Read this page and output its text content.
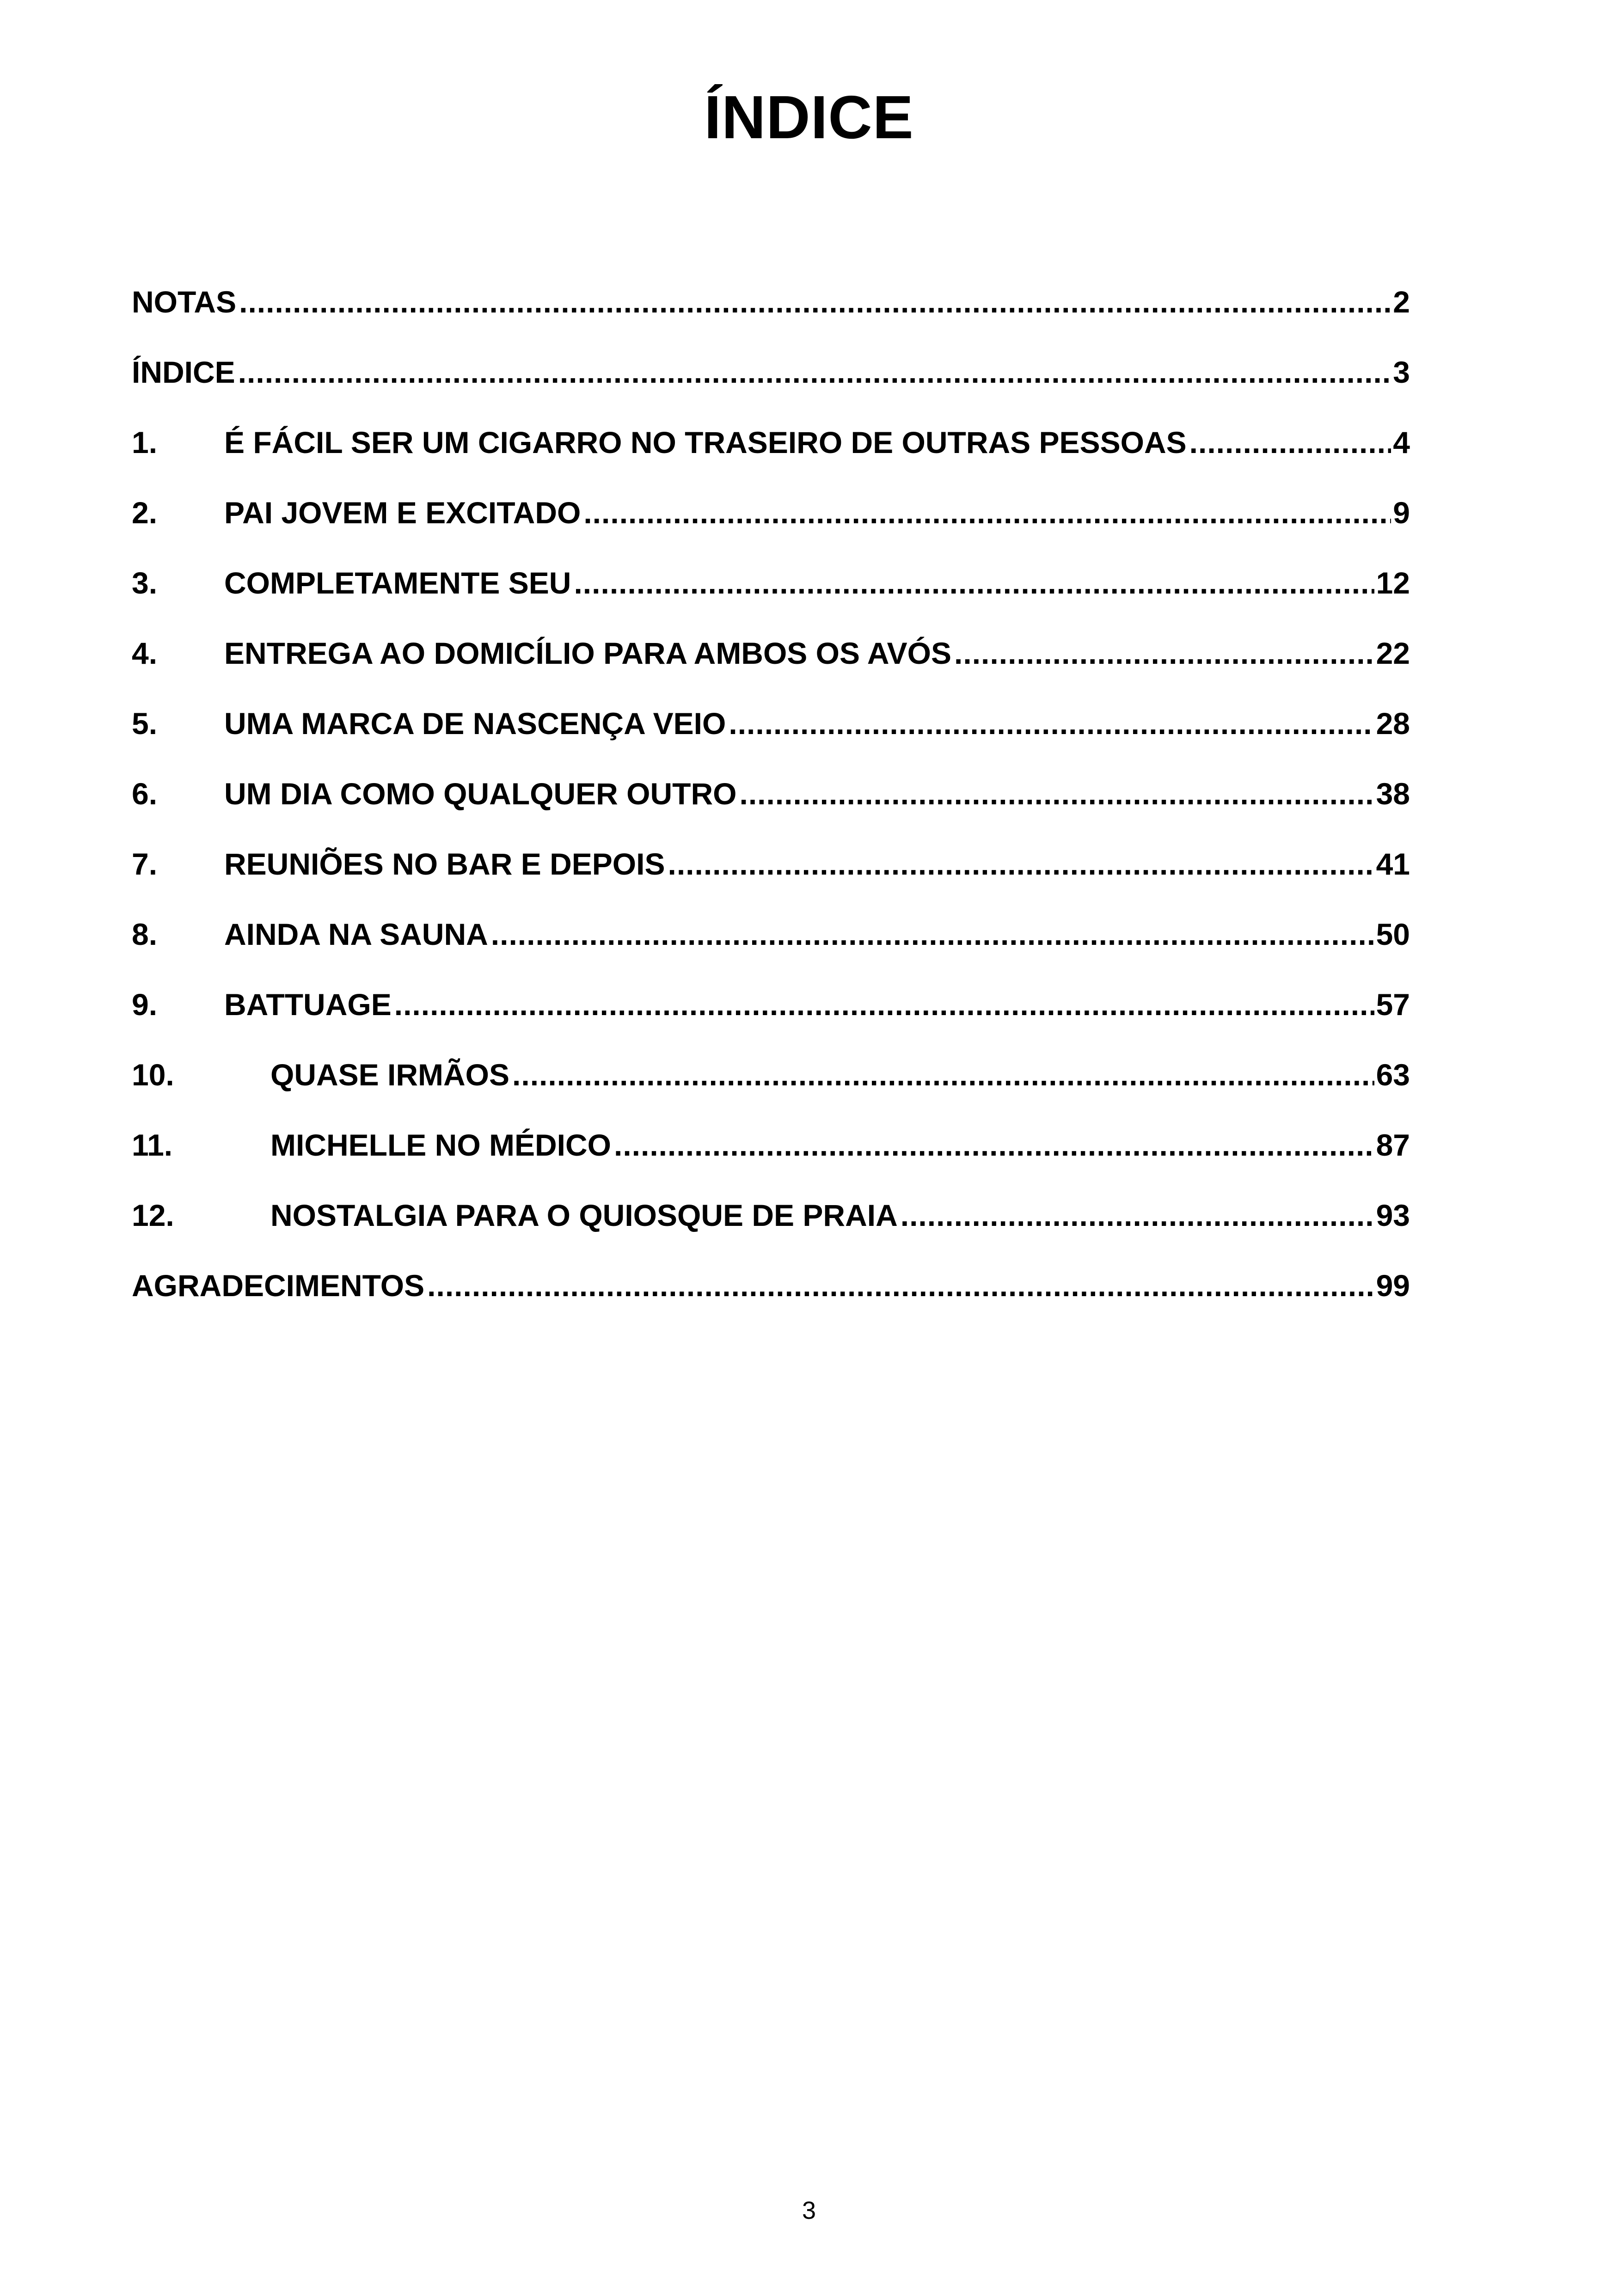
ÍNDICE
NOTAS .....	2
ÍNDICE .....	3
1.	É FÁCIL SER UM CIGARRO NO TRASEIRO DE OUTRAS PESSOAS .....	4
2.	PAI JOVEM E EXCITADO .....	9
3.	COMPLETAMENTE SEU .....	12
4.	ENTREGA AO DOMICÍLIO PARA AMBOS OS AVÓS .....	22
5.	UMA MARCA DE NASCENÇA VEIO .....	28
6.	UM DIA COMO QUALQUER OUTRO .....	38
7.	REUNIÕES NO BAR E DEPOIS .....	41
8.	AINDA NA SAUNA .....	50
9.	BATTUAGE .....	57
10.	QUASE IRMÃOS .....	63
11.	MICHELLE NO MÉDICO .....	87
12.	NOSTALGIA PARA O QUIOSQUE DE PRAIA .....	93
AGRADECIMENTOS .....	99
3
